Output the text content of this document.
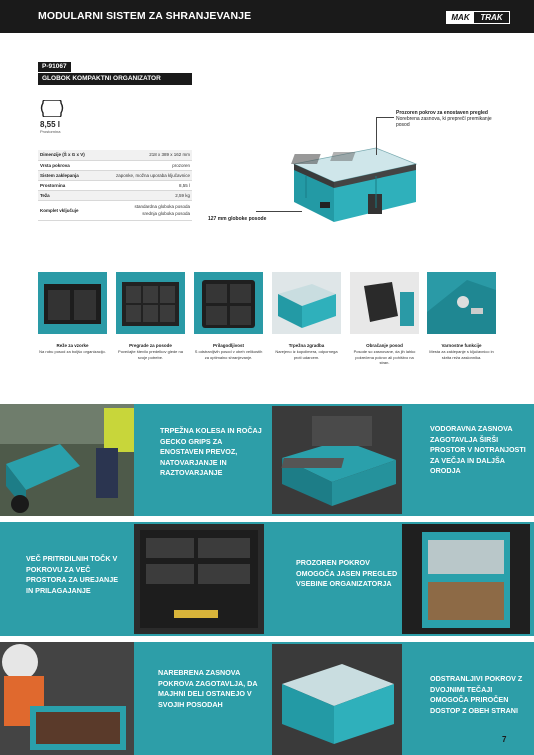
MODULARNI SISTEM ZA SHRANJEVANJE	MAK	TRAK
P-91067
GLOBOK KOMPAKTNI ORGANIZATOR
8,55 l
Prostornina
Dimenzije (Š x G x V)	218 x 389 x 162 mm
Vrsta pokrova	prozoren
Sistem zaklepanja	zaponke, možna uporaba ključavnice
Prostornina	8,55 l
Teža	2,59 kg
Komplet vključuje	standardna globoka posoda
srednja globoka posoda
Prozoren pokrov za enostaven pregled
Norebrena zasnova, ki preprečí premikanje posod
127 mm globoke posode
Reže za vzorke
Na robu posod za boljšo organizacijo.
Pregrade za posode
Povečajte število predelkov glede na svoje potrebe.
Prilagodljivost
S odstranljivih posod v obeh velikostih za optimalno shranjevanje.
Trpežna zgradba
Narejeno iz kopolimera, odpornega proti udarcem.
Obračanje posod
Posode so zasnovane, da jih lahko pokrečena pokrov ali pohištvo na stran.
Varnostne funkcije
Mesta za zaklepanje s ključavnico in skrita reža zaslonnika.
TRPEŽNA KOLESA IN ROČAJ GECKO GRIPS ZA ENOSTAVEN PREVOZ, NATOVARJANJE IN RAZTOVARJANJE
VODORAVNA ZASNOVA ZAGOTAVLJA ŠIRŠI PROSTOR V NOTRANJOSTI ZA VEČJA IN DALJŠA ORODJA
VEČ PRITRDILNIH TOČK V POKROVU ZA VEČ PROSTORA ZA UREJANJE IN PRILAGAJANJE
PROZOREN POKROV OMOGOČA JASEN PREGLED VSEBINE ORGANIZATORJA
NAREBRENA ZASNOVA POKROVA ZAGOTAVLJA, DA MAJHNI DELI OSTANEJO V SVOJIH POSODAH
ODSTRANLJIVI POKROV Z DVOJNIMI TEČAJI OMOGOČA PRIROČEN DOSTOP Z OBEH STRANI
7
